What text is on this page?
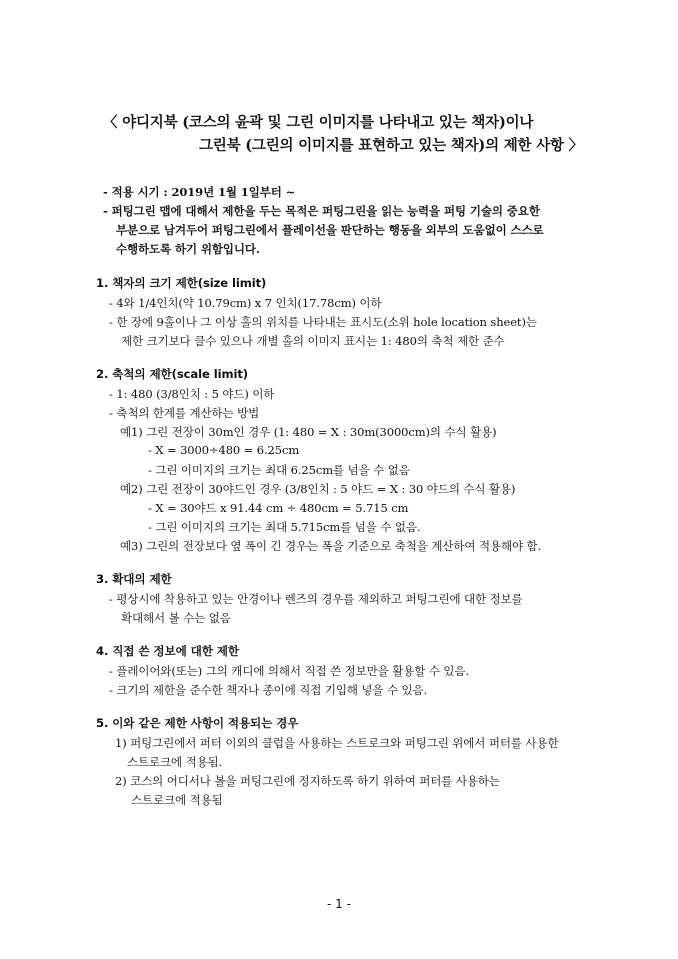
〈 야디지북 (코스의 윤곽 및 그린 이미지를 나타내고 있는 책자)이나
그린북 (그린의 이미지를 표현하고 있는 책자)의 제한 사항 〉
- 적용 시기 : 2019년 1월 1일부터 ~
- 퍼팅그린 맵에 대해서 제한을 두는 목적은 퍼팅그린을 읽는 능력을 퍼팅 기술의 중요한
부분으로 남겨두어 퍼팅그린에서 플레이선을 판단하는 행동을 외부의 도움없이 스스로
수행하도록 하기 위함입니다.
1. 책자의 크기 제한(size limit)
- 4와 1/4인치(약 10.79cm) x 7 인치(17.78cm) 이하
- 한 장에 9홀이나 그 이상 홀의 위치를 나타내는 표시도(소위 hole location sheet)는
제한 크기보다 클수 있으나 개별 홀의 이미지 표시는 1: 480의 축척 제한 준수
2. 축척의 제한(scale limit)
- 1: 480 (3/8인치 : 5 야드) 이하
- 축척의 한계를 계산하는 방법
예1) 그린 전장이 30m인 경우 (1: 480 = X : 30m(3000cm)의 수식 활용)
- X = 3000÷480 = 6.25cm
- 그린 이미지의 크기는 최대 6.25cm를 넘을 수 없음
예2) 그린 전장이 30야드인 경우 (3/8인치 : 5 야드 = X : 30 야드의 수식 활용)
- X = 30야드 x 91.44 cm ÷ 480cm = 5.715 cm
- 그린 이미지의 크기는 최대 5.715cm를 넘을 수 없음.
예3) 그린의 전장보다 옆 폭이 긴 경우는 폭을 기준으로 축척을 계산하여 적용해야 함.
3. 확대의 제한
- 평상시에 착용하고 있는 안경이나 렌즈의 경우를 제외하고 퍼팅그린에 대한 정보를
확대해서 볼 수는 없음
4. 직접 쓴 정보에 대한 제한
- 플레이어와(또는) 그의 캐디에 의해서 직접 쓴 정보만을 활용할 수 있음.
- 크기의 제한을 준수한 책자나 종이에 직접 기입해 넣을 수 있음.
5. 이와 같은 제한 사항이 적용되는 경우
1) 퍼팅그린에서 퍼터 이외의 클럽을 사용하는 스트로크와 퍼팅그린 위에서 퍼터를 사용한
스트로크에 적용됨.
2) 코스의 어디서나 볼을 퍼팅그린에 정지하도록 하기 위하여 퍼터를 사용하는
스트로크에 적용됨
- 1 -
